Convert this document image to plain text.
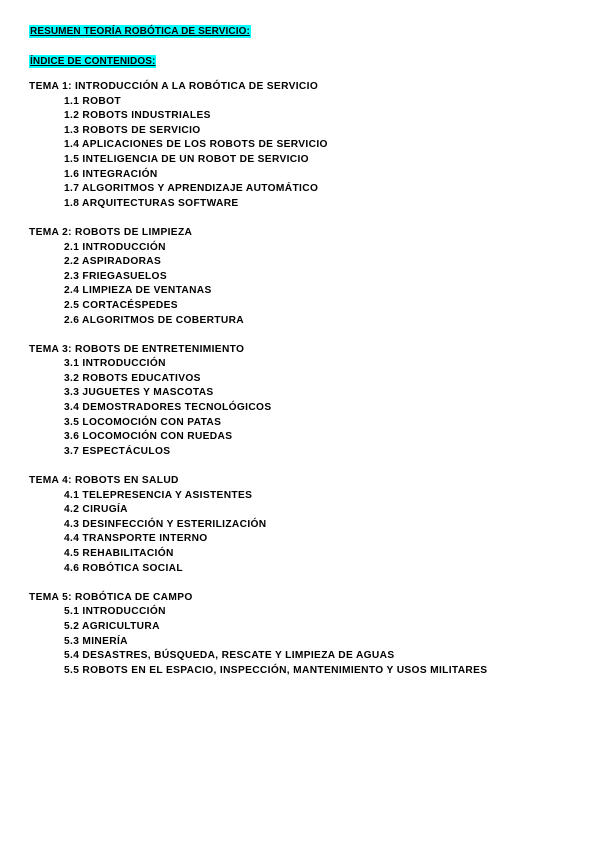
RESUMEN TEORÍA ROBÓTICA DE SERVICIO:
ÍNDICE DE CONTENIDOS:
TEMA 1: INTRODUCCIÓN A LA ROBÓTICA DE SERVICIO
1.1 ROBOT
1.2 ROBOTS INDUSTRIALES
1.3 ROBOTS DE SERVICIO
1.4 APLICACIONES DE LOS ROBOTS DE SERVICIO
1.5 INTELIGENCIA DE UN ROBOT DE SERVICIO
1.6 INTEGRACIÓN
1.7 ALGORITMOS Y APRENDIZAJE AUTOMÁTICO
1.8 ARQUITECTURAS SOFTWARE
TEMA 2: ROBOTS DE LIMPIEZA
2.1 INTRODUCCIÓN
2.2 ASPIRADORAS
2.3 FRIEGASUELOS
2.4 LIMPIEZA DE VENTANAS
2.5 CORTACÉSPEDES
2.6 ALGORITMOS DE COBERTURA
TEMA 3: ROBOTS DE ENTRETENIMIENTO
3.1 INTRODUCCIÓN
3.2 ROBOTS EDUCATIVOS
3.3 JUGUETES Y MASCOTAS
3.4 DEMOSTRADORES TECNOLÓGICOS
3.5 LOCOMOCIÓN CON PATAS
3.6 LOCOMOCIÓN CON RUEDAS
3.7 ESPECTÁCULOS
TEMA 4: ROBOTS EN SALUD
4.1 TELEPRESENCIA Y ASISTENTES
4.2 CIRUGÍA
4.3 DESINFECCIÓN Y ESTERILIZACIÓN
4.4 TRANSPORTE INTERNO
4.5 REHABILITACIÓN
4.6 ROBÓTICA SOCIAL
TEMA 5: ROBÓTICA DE CAMPO
5.1 INTRODUCCIÓN
5.2 AGRICULTURA
5.3 MINERÍA
5.4 DESASTRES, BÚSQUEDA, RESCATE Y LIMPIEZA DE AGUAS
5.5 ROBOTS EN EL ESPACIO, INSPECCIÓN, MANTENIMIENTO Y USOS MILITARES
